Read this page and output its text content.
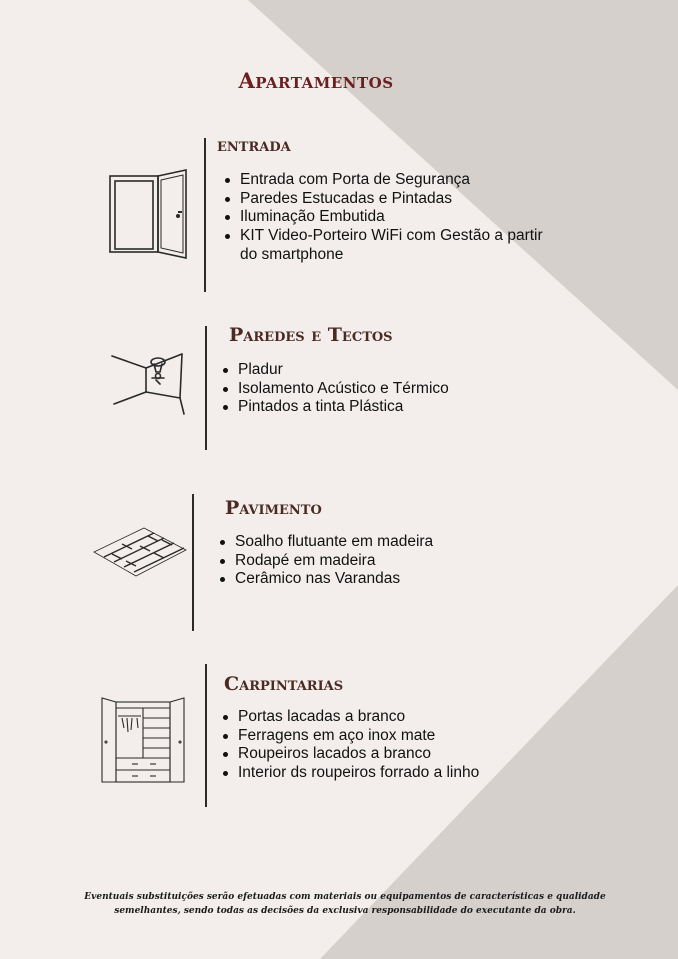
Apartamentos
entrada
Entrada com Porta de Segurança
Paredes Estucadas e Pintadas
Iluminação Embutida
KIT Video-Porteiro WiFi com Gestão a partir do smartphone
Paredes e Tectos
Pladur
Isolamento Acústico e Térmico
Pintados a tinta Plástica
Pavimento
Soalho flutuante em madeira
Rodapé em madeira
Cerâmico nas Varandas
Carpintarias
Portas lacadas a branco
Ferragens em aço inox mate
Roupeiros lacados a branco
Interior ds roupeiros forrado a linho
Eventuais substituições serão efetuadas com materiais ou equipamentos de características e qualidade semelhantes, sendo todas as decisões da exclusiva responsabilidade do executante da obra.
